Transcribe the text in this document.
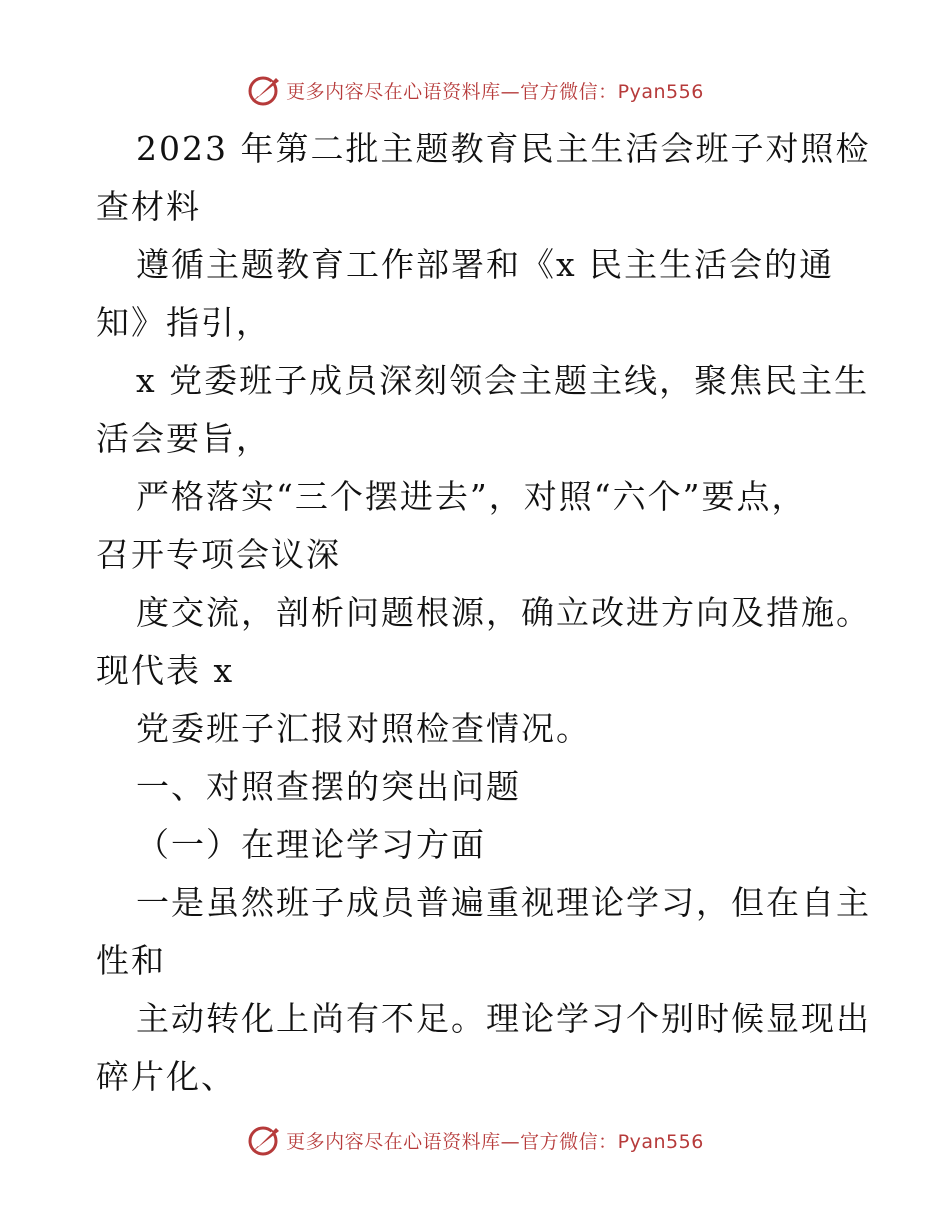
更多内容尽在心语资料库—官方微信：Pyan556

2023 年第二批主题教育民主生活会班子对照检

查材料

遵循主题教育工作部署和《x 民主生活会的通

知》指引，

x 党委班子成员深刻领会主题主线，聚焦民主生

活会要旨，

严格落实“三个摆进去”，对照“六个”要点，

召开专项会议深

度交流，剖析问题根源，确立改进方向及措施。

现代表 x

党委班子汇报对照检查情况。

一、对照查摆的突出问题

（一）在理论学习方面

一是虽然班子成员普遍重视理论学习，但在自主

性和

主动转化上尚有不足。理论学习个别时候显现出

碎片化、

更多内容尽在心语资料库—官方微信：Pyan556
